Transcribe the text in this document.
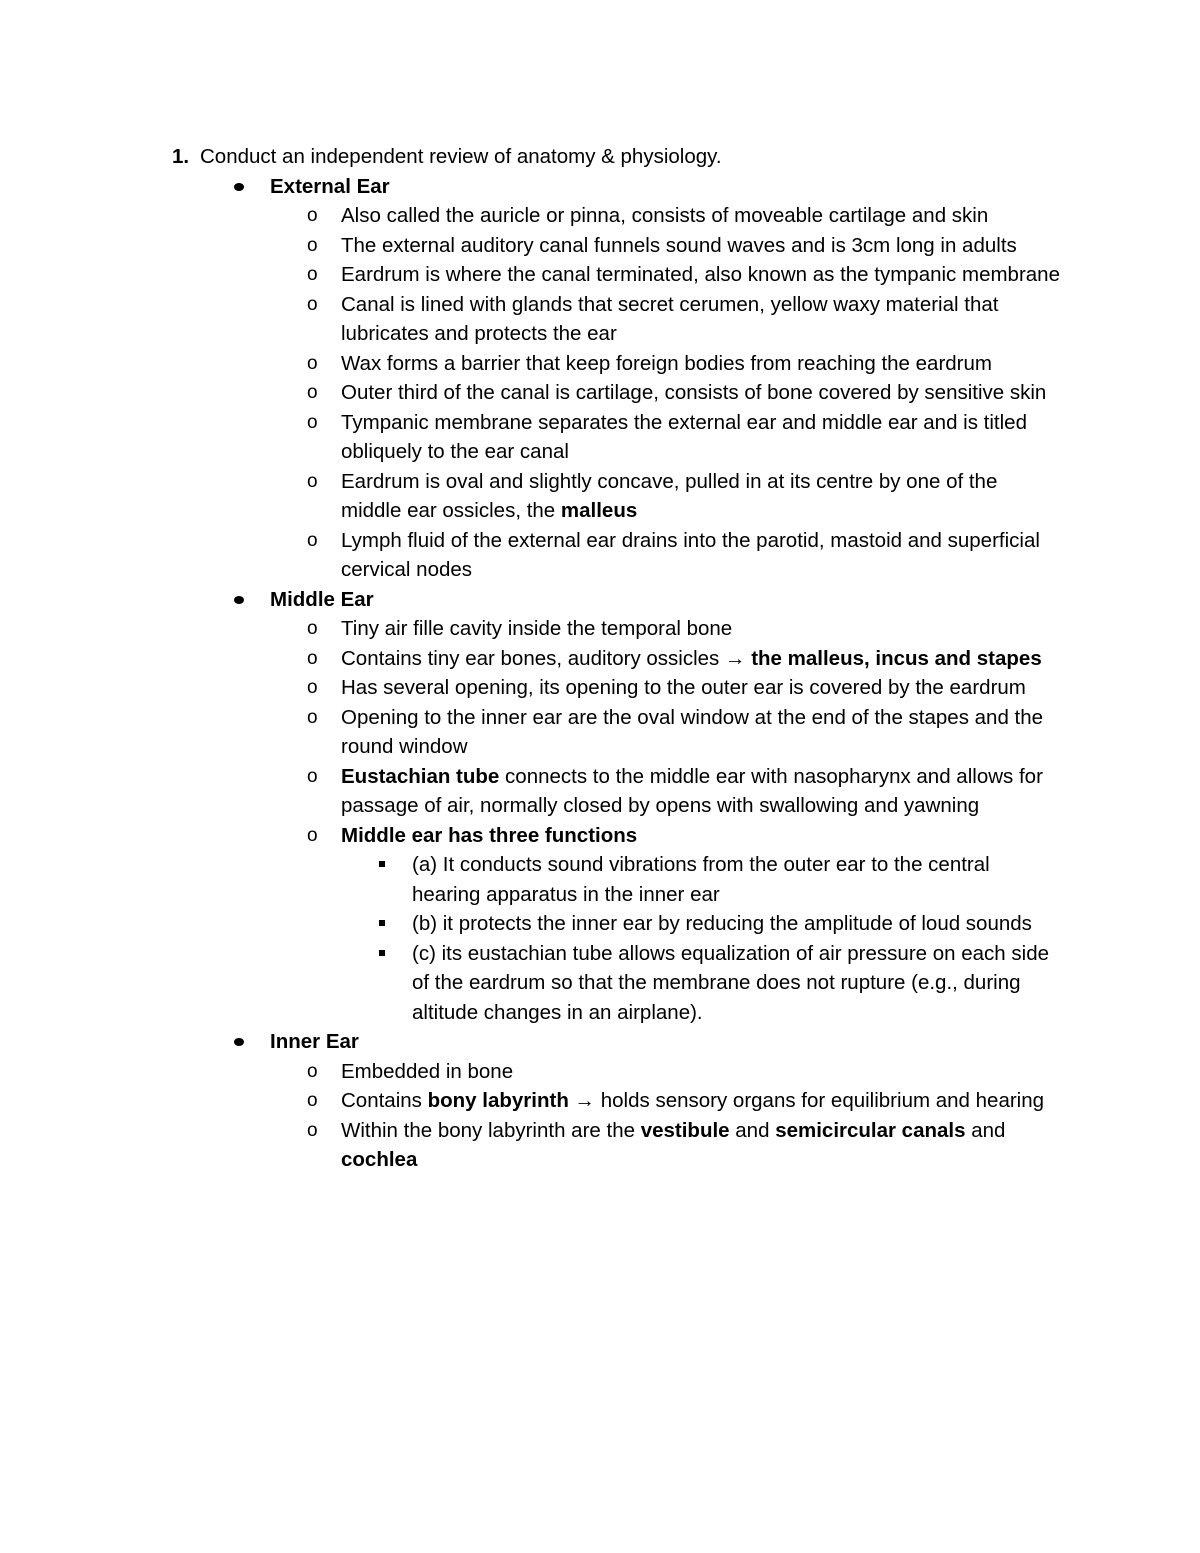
1. Conduct an independent review of anatomy & physiology.
External Ear
o Also called the auricle or pinna, consists of moveable cartilage and skin
o The external auditory canal funnels sound waves and is 3cm long in adults
o Eardrum is where the canal terminated, also known as the tympanic membrane
o Canal is lined with glands that secret cerumen, yellow waxy material that lubricates and protects the ear
o Wax forms a barrier that keep foreign bodies from reaching the eardrum
o Outer third of the canal is cartilage, consists of bone covered by sensitive skin
o Tympanic membrane separates the external ear and middle ear and is titled obliquely to the ear canal
o Eardrum is oval and slightly concave, pulled in at its centre by one of the middle ear ossicles, the malleus
o Lymph fluid of the external ear drains into the parotid, mastoid and superficial cervical nodes
Middle Ear
o Tiny air fille cavity inside the temporal bone
o Contains tiny ear bones, auditory ossicles → the malleus, incus and stapes
o Has several opening, its opening to the outer ear is covered by the eardrum
o Opening to the inner ear are the oval window at the end of the stapes and the round window
o Eustachian tube connects to the middle ear with nasopharynx and allows for passage of air, normally closed by opens with swallowing and yawning
o Middle ear has three functions
(a) It conducts sound vibrations from the outer ear to the central hearing apparatus in the inner ear
(b) it protects the inner ear by reducing the amplitude of loud sounds
(c) its eustachian tube allows equalization of air pressure on each side of the eardrum so that the membrane does not rupture (e.g., during altitude changes in an airplane).
Inner Ear
o Embedded in bone
o Contains bony labyrinth → holds sensory organs for equilibrium and hearing
o Within the bony labyrinth are the vestibule and semicircular canals and cochlea
